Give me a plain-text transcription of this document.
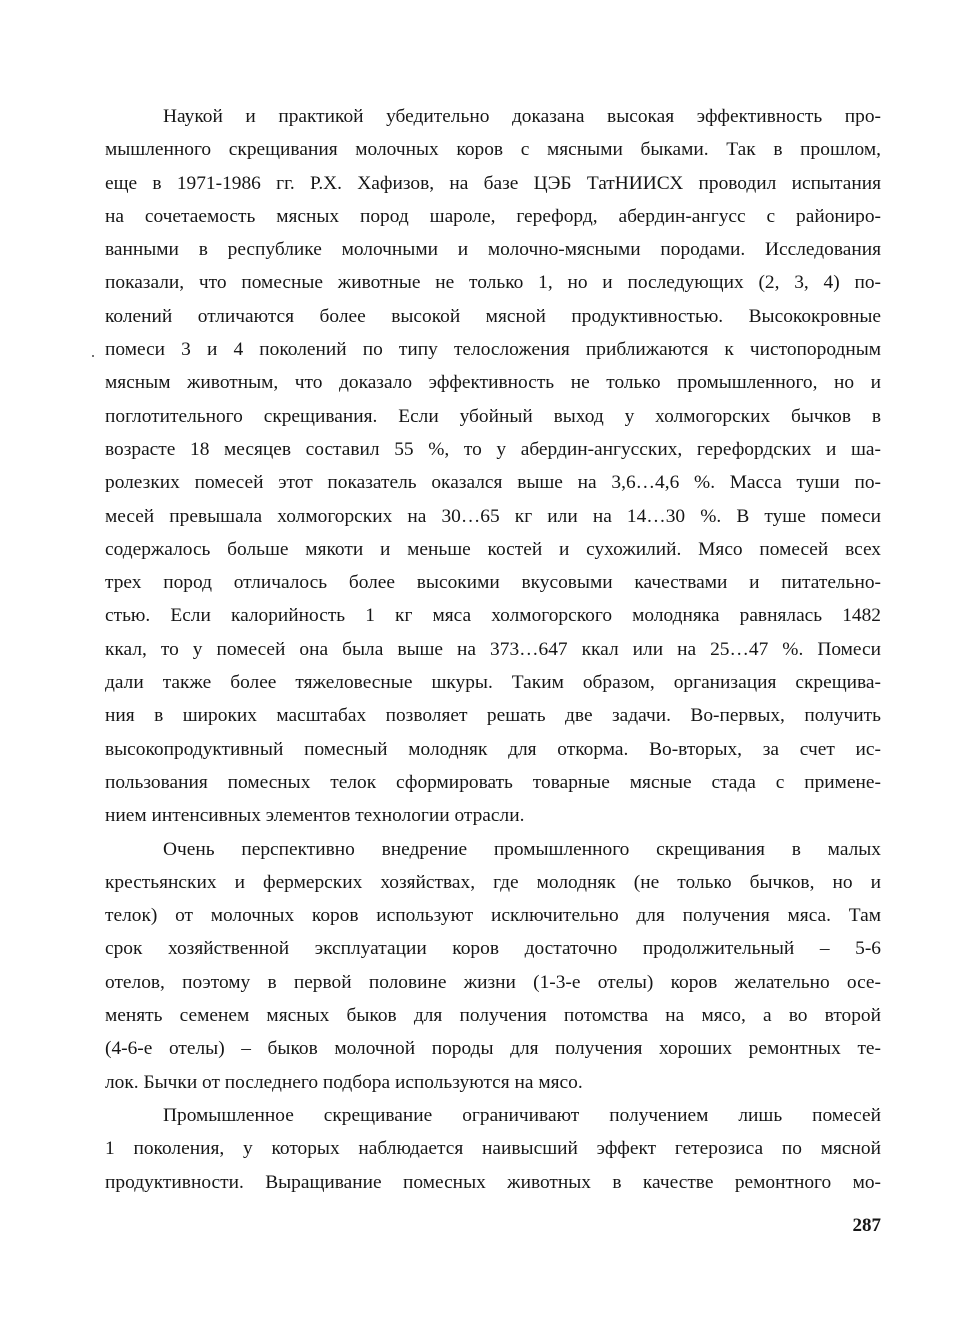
Наукой и практикой убедительно доказана высокая эффективность про-
мышленного скрещивания молочных коров с мясными быками. Так в прошлом,
еще в 1971-1986 гг. Р.Х. Хафизов, на базе ЦЭБ ТатНИИСХ проводил испытания
на сочетаемость мясных пород шароле, герефорд, абердин-ангусс с райониро-
ванными в республике молочными и молочно-мясными породами. Исследования
показали, что помесные животные не только 1, но и последующих (2, 3, 4) по-
колений отличаются более высокой мясной продуктивностью. Высококровные
помеси 3 и 4 поколений по типу телосложения приближаются к чистопородным
мясным животным, что доказало эффективность не только промышленного, но и
поглотительного скрещивания. Если убойный выход у холмогорских бычков в
возрасте 18 месяцев составил 55 %, то у абердин-ангусских, герефордских и ша-
ролезких помесей этот показатель оказался выше на 3,6…4,6 %. Масса туши по-
месей превышала холмогорских на 30…65 кг или на 14…30 %. В туше помеси
содержалось больше мякоти и меньше костей и сухожилий. Мясо помесей всех
трех пород отличалось более высокими вкусовыми качествами и питательно-
стью. Если калорийность 1 кг мяса холмогорского молодняка равнялась 1482
ккал, то у помесей она была выше на 373…647 ккал или на 25…47 %. Помеси
дали также более тяжеловесные шкуры. Таким образом, организация скрещива-
ния в широких масштабах позволяет решать две задачи. Во-первых, получить
высокопродуктивный помесный молодняк для откорма. Во-вторых, за счет ис-
пользования помесных телок сформировать товарные мясные стада с примене-
нием интенсивных элементов технологии отрасли.
Очень перспективно внедрение промышленного скрещивания в малых
крестьянских и фермерских хозяйствах, где молодняк (не только бычков, но и
телок) от молочных коров используют исключительно для получения мяса. Там
срок хозяйственной эксплуатации коров достаточно продолжительный – 5-6
отелов, поэтому в первой половине жизни (1-3-е отелы) коров желательно осе-
менять семенем мясных быков для получения потомства на мясо, а во второй
(4-6-е отелы) – быков молочной породы для получения хороших ремонтных те-
лок. Бычки от последнего подбора используются на мясо.
Промышленное скрещивание ограничивают получением лишь помесей
1 поколения, у которых наблюдается наивысший эффект гетерозиса по мясной
продуктивности. Выращивание помесных животных в качестве ремонтного мо-
287
